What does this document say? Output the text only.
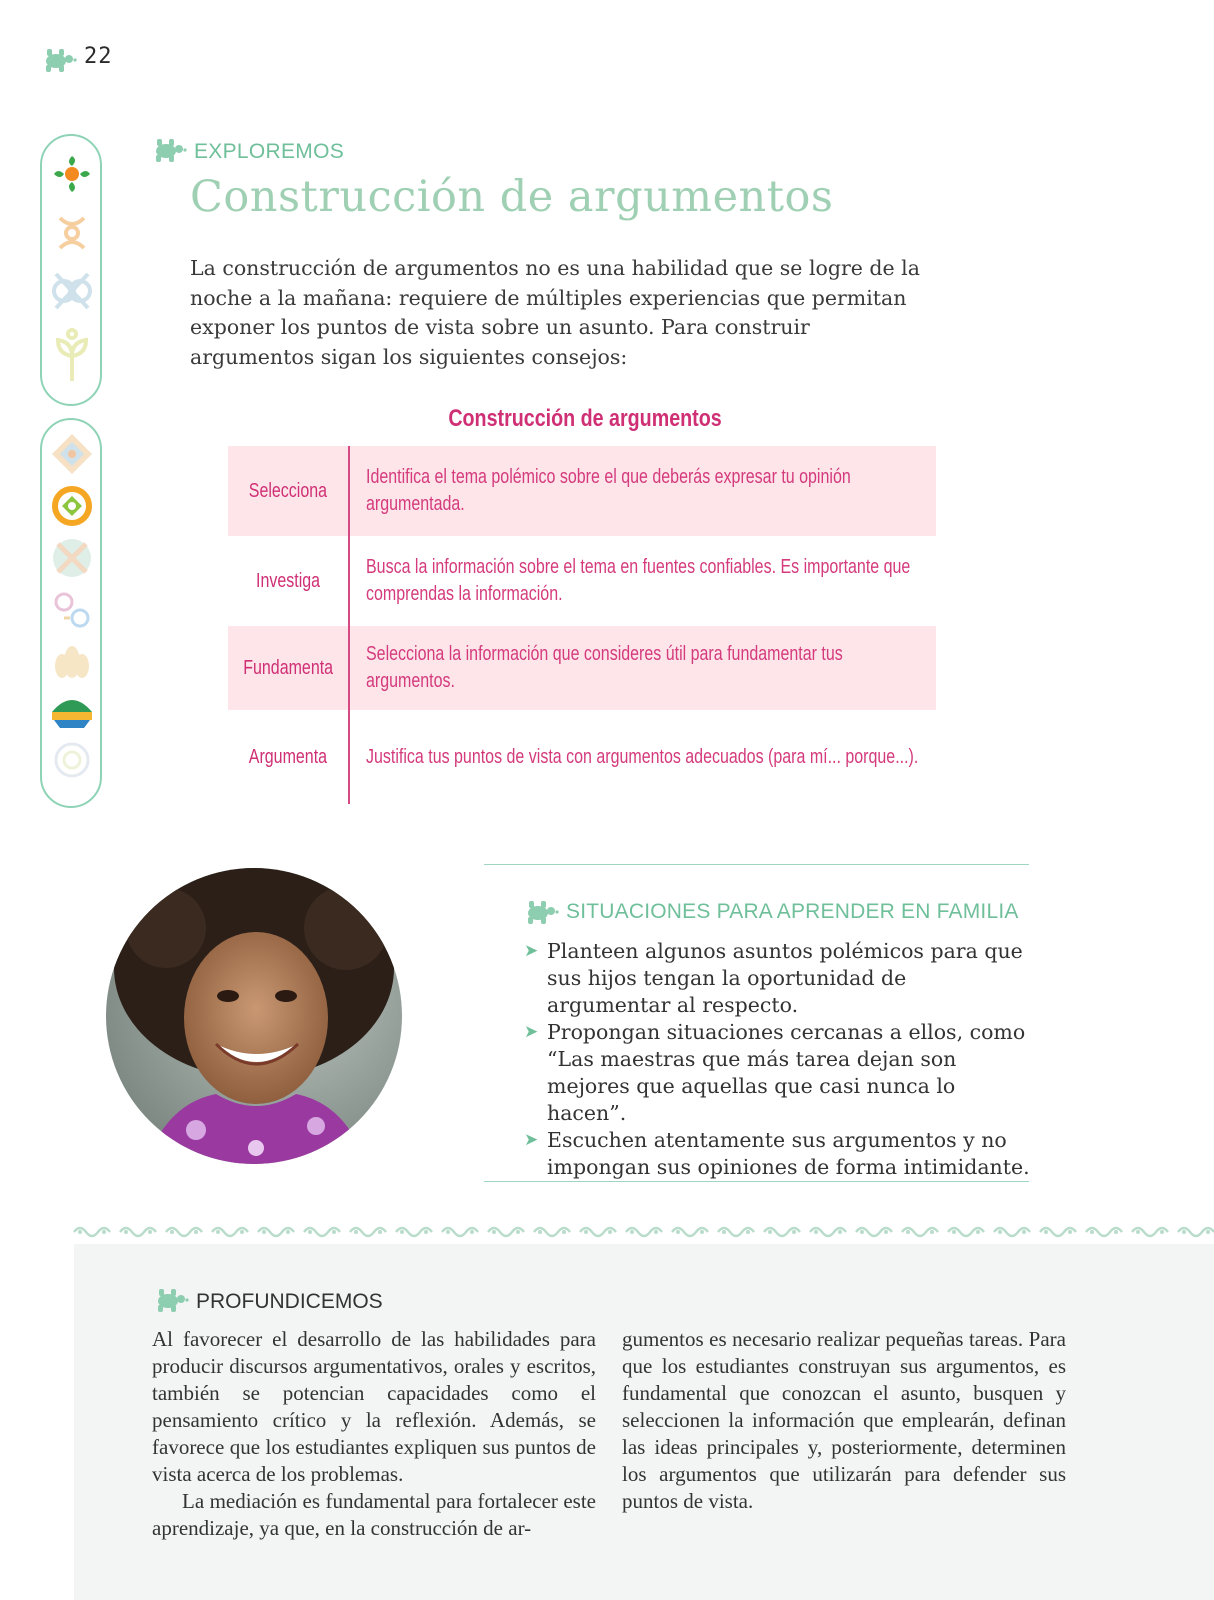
22
EXPLOREMOS
Construcción de argumentos

La construcción de argumentos no es una habilidad que se logre de la noche a la mañana: requiere de múltiples experiencias que permitan exponer los puntos de vista sobre un asunto. Para construir argumentos sigan los siguientes consejos:

Construcción de argumentos
Selecciona
Identifica el tema polémico sobre el que deberás expresar tu opinión argumentada.
Investiga
Busca la información sobre el tema en fuentes confiables. Es importante que comprendas la información.
Fundamenta
Selecciona la información que consideres útil para fundamentar tus argumentos.
Argumenta	Justifica tus puntos de vista con argumentos adecuados (para mí... porque...).
SITUACIONES PARA APRENDER EN FAMILIA
➤ Planteen algunos asuntos polémicos para que sus hijos tengan la oportunidad de argumentar al respecto.
➤ Propongan situaciones cercanas a ellos, como “Las maestras que más tarea dejan son mejores que aquellas que casi nunca lo hacen”.
➤ Escuchen atentamente sus argumentos y no impongan sus opiniones de forma intimidante.
PROFUNDICEMOS

Al favorecer el desarrollo de las habilidades para producir discursos argumentativos, orales y escritos, también se potencian capacidades como el pensamiento crítico y la reflexión. Además, se favorece que los estudiantes expliquen sus puntos de vista acerca de los problemas.

La mediación es fundamental para fortalecer este aprendizaje, ya que, en la construcción de ar-

gumentos es necesario realizar pequeñas tareas. Para que los estudiantes construyan sus argumentos, es fundamental que conozcan el asunto, busquen y seleccionen la información que emplearán, definan las ideas principales y, posteriormente, determinen los argumentos que utilizarán para defender sus puntos de vista.
